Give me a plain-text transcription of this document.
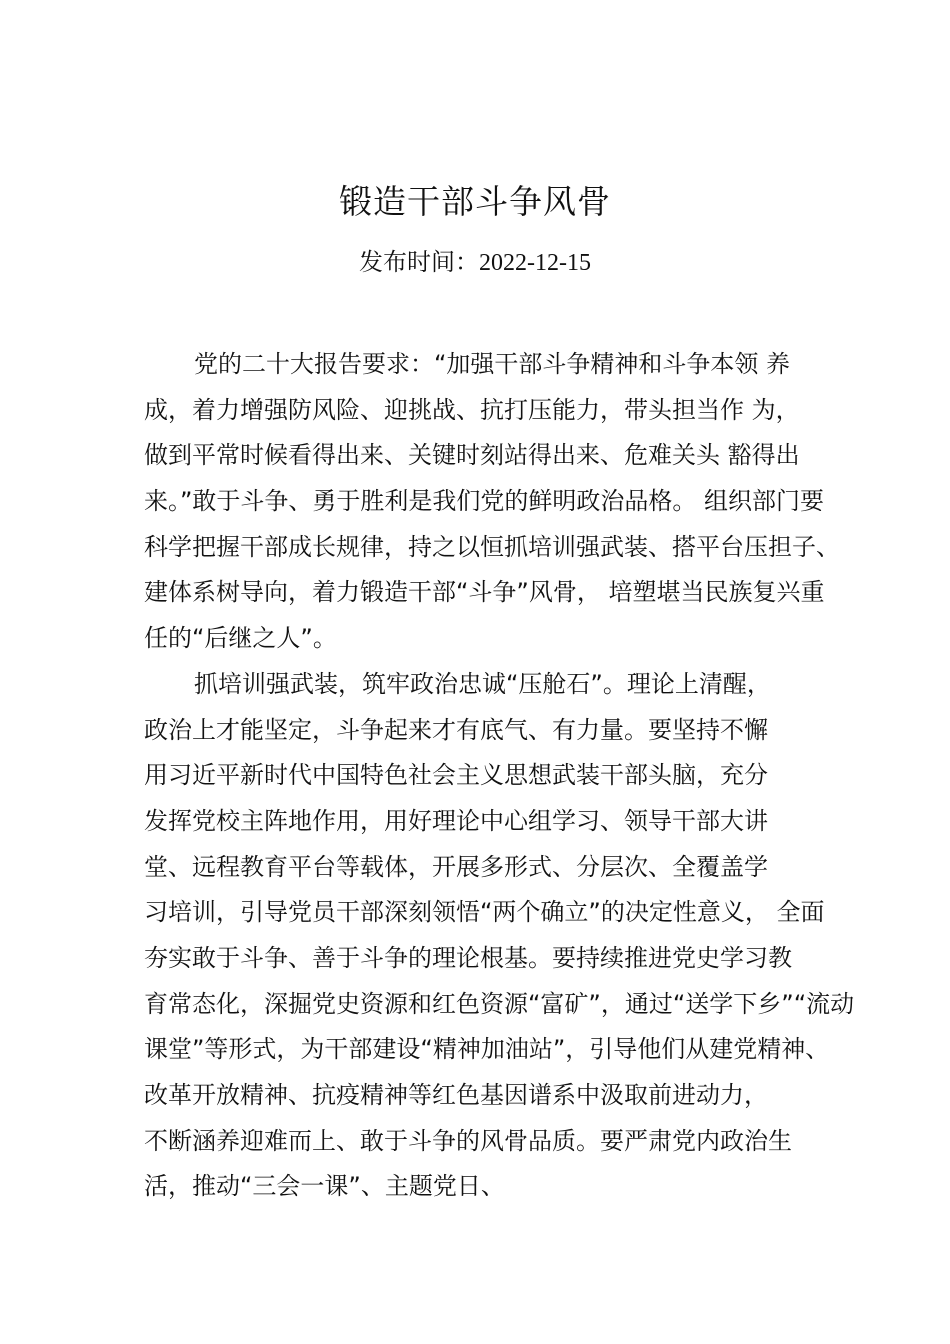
锻造干部斗争风骨
发布时间：2022-12-15
党的二十大报告要求：“加强干部斗争精神和斗争本领 养
成，着力增强防风险、迎挑战、抗打压能力，带头担当作 为，
做到平常时候看得出来、关键时刻站得出来、危难关头 豁得出
来。”敢于斗争、勇于胜利是我们党的鲜明政治品格。 组织部门要
科学把握干部成长规律，持之以恒抓培训强武装、搭平台压担子、
建体系树导向，着力锻造干部“斗争”风骨， 培塑堪当民族复兴重
任的“后继之人”。
抓培训强武装，筑牢政治忠诚“压舱石”。理论上清醒，
政治上才能坚定，斗争起来才有底气、有力量。要坚持不懈
用习近平新时代中国特色社会主义思想武装干部头脑，充分
发挥党校主阵地作用，用好理论中心组学习、领导干部大讲
堂、远程教育平台等载体，开展多形式、分层次、全覆盖学
习培训，引导党员干部深刻领悟“两个确立”的决定性意义， 全面
夯实敢于斗争、善于斗争的理论根基。要持续推进党史学习教
育常态化，深掘党史资源和红色资源“富矿”，通过“送学下乡”“流动
课堂”等形式，为干部建设“精神加油站”，引导他们从建党精神、
改革开放精神、抗疫精神等红色基因谱系中汲取前进动力，
不断涵养迎难而上、敢于斗争的风骨品质。要严肃党内政治生
活，推动“三会一课”、主题党日、
